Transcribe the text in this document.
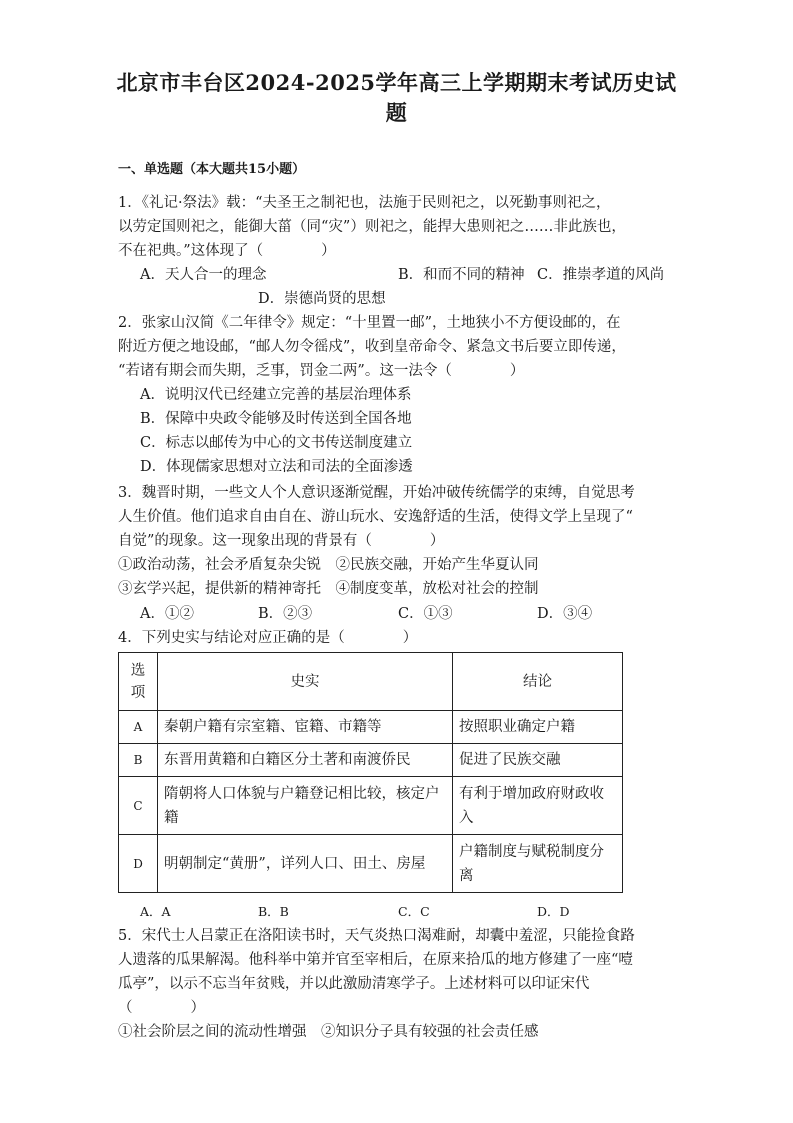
北京市丰台区2024-2025学年高三上学期期末考试历史试
题
一、单选题（本大题共15小题）
1．《礼记·祭法》载：“夫圣王之制祀也，法施于民则祀之，以死勤事则祀之，
以劳定国则祀之，能御大菑（同“灾”）则祀之，能捍大患则祀之……非此族也，
不在祀典。”这体现了（　　　　）
A．天人合一的理念	B．和而不同的精神 C．推崇孝道的风尚
D．崇德尚贤的思想
2．张家山汉简《二年律令》规定：“十里置一邮”，土地狭小不方便设邮的，在
附近方便之地设邮，“邮人勿令徭戍”，收到皇帝命令、紧急文书后要立即传递，
“若诸有期会而失期，乏事，罚金二两”。这一法令（　　　　）
A．说明汉代已经建立完善的基层治理体系
B．保障中央政令能够及时传送到全国各地
C．标志以邮传为中心的文书传送制度建立
D．体现儒家思想对立法和司法的全面渗透
3．魏晋时期，一些文人个人意识逐渐觉醒，开始冲破传统儒学的束缚，自觉思考
人生价值。他们追求自由自在、游山玩水、安逸舒适的生活，使得文学上呈现了“
自觉”的现象。这一现象出现的背景有（　　　　）
①政治动荡，社会矛盾复杂尖锐　②民族交融，开始产生华夏认同
③玄学兴起，提供新的精神寄托　④制度变革，放松对社会的控制
A．①②	B．②③	C．①③	D．③④
4．下列史实与结论对应正确的是（　　　　）
选项	史实	结论
A	秦朝户籍有宗室籍、宦籍、市籍等	按照职业确定户籍
B	东晋用黄籍和白籍区分土著和南渡侨民	促进了民族交融
C	隋朝将人口体貌与户籍登记相比较，核定户籍	有利于增加政府财政收入
D	明朝制定“黄册”，详列人口、田土、房屋	户籍制度与赋税制度分离
A．A	B．B	C．C	D．D
5．宋代士人吕蒙正在洛阳读书时，天气炎热口渴难耐，却囊中羞涩，只能捡食路
人遗落的瓜果解渴。他科举中第并官至宰相后，在原来拾瓜的地方修建了一座“噎
瓜亭”，以示不忘当年贫贱，并以此激励清寒学子。上述材料可以印证宋代
（　　　　）
①社会阶层之间的流动性增强　②知识分子具有较强的社会责任感
